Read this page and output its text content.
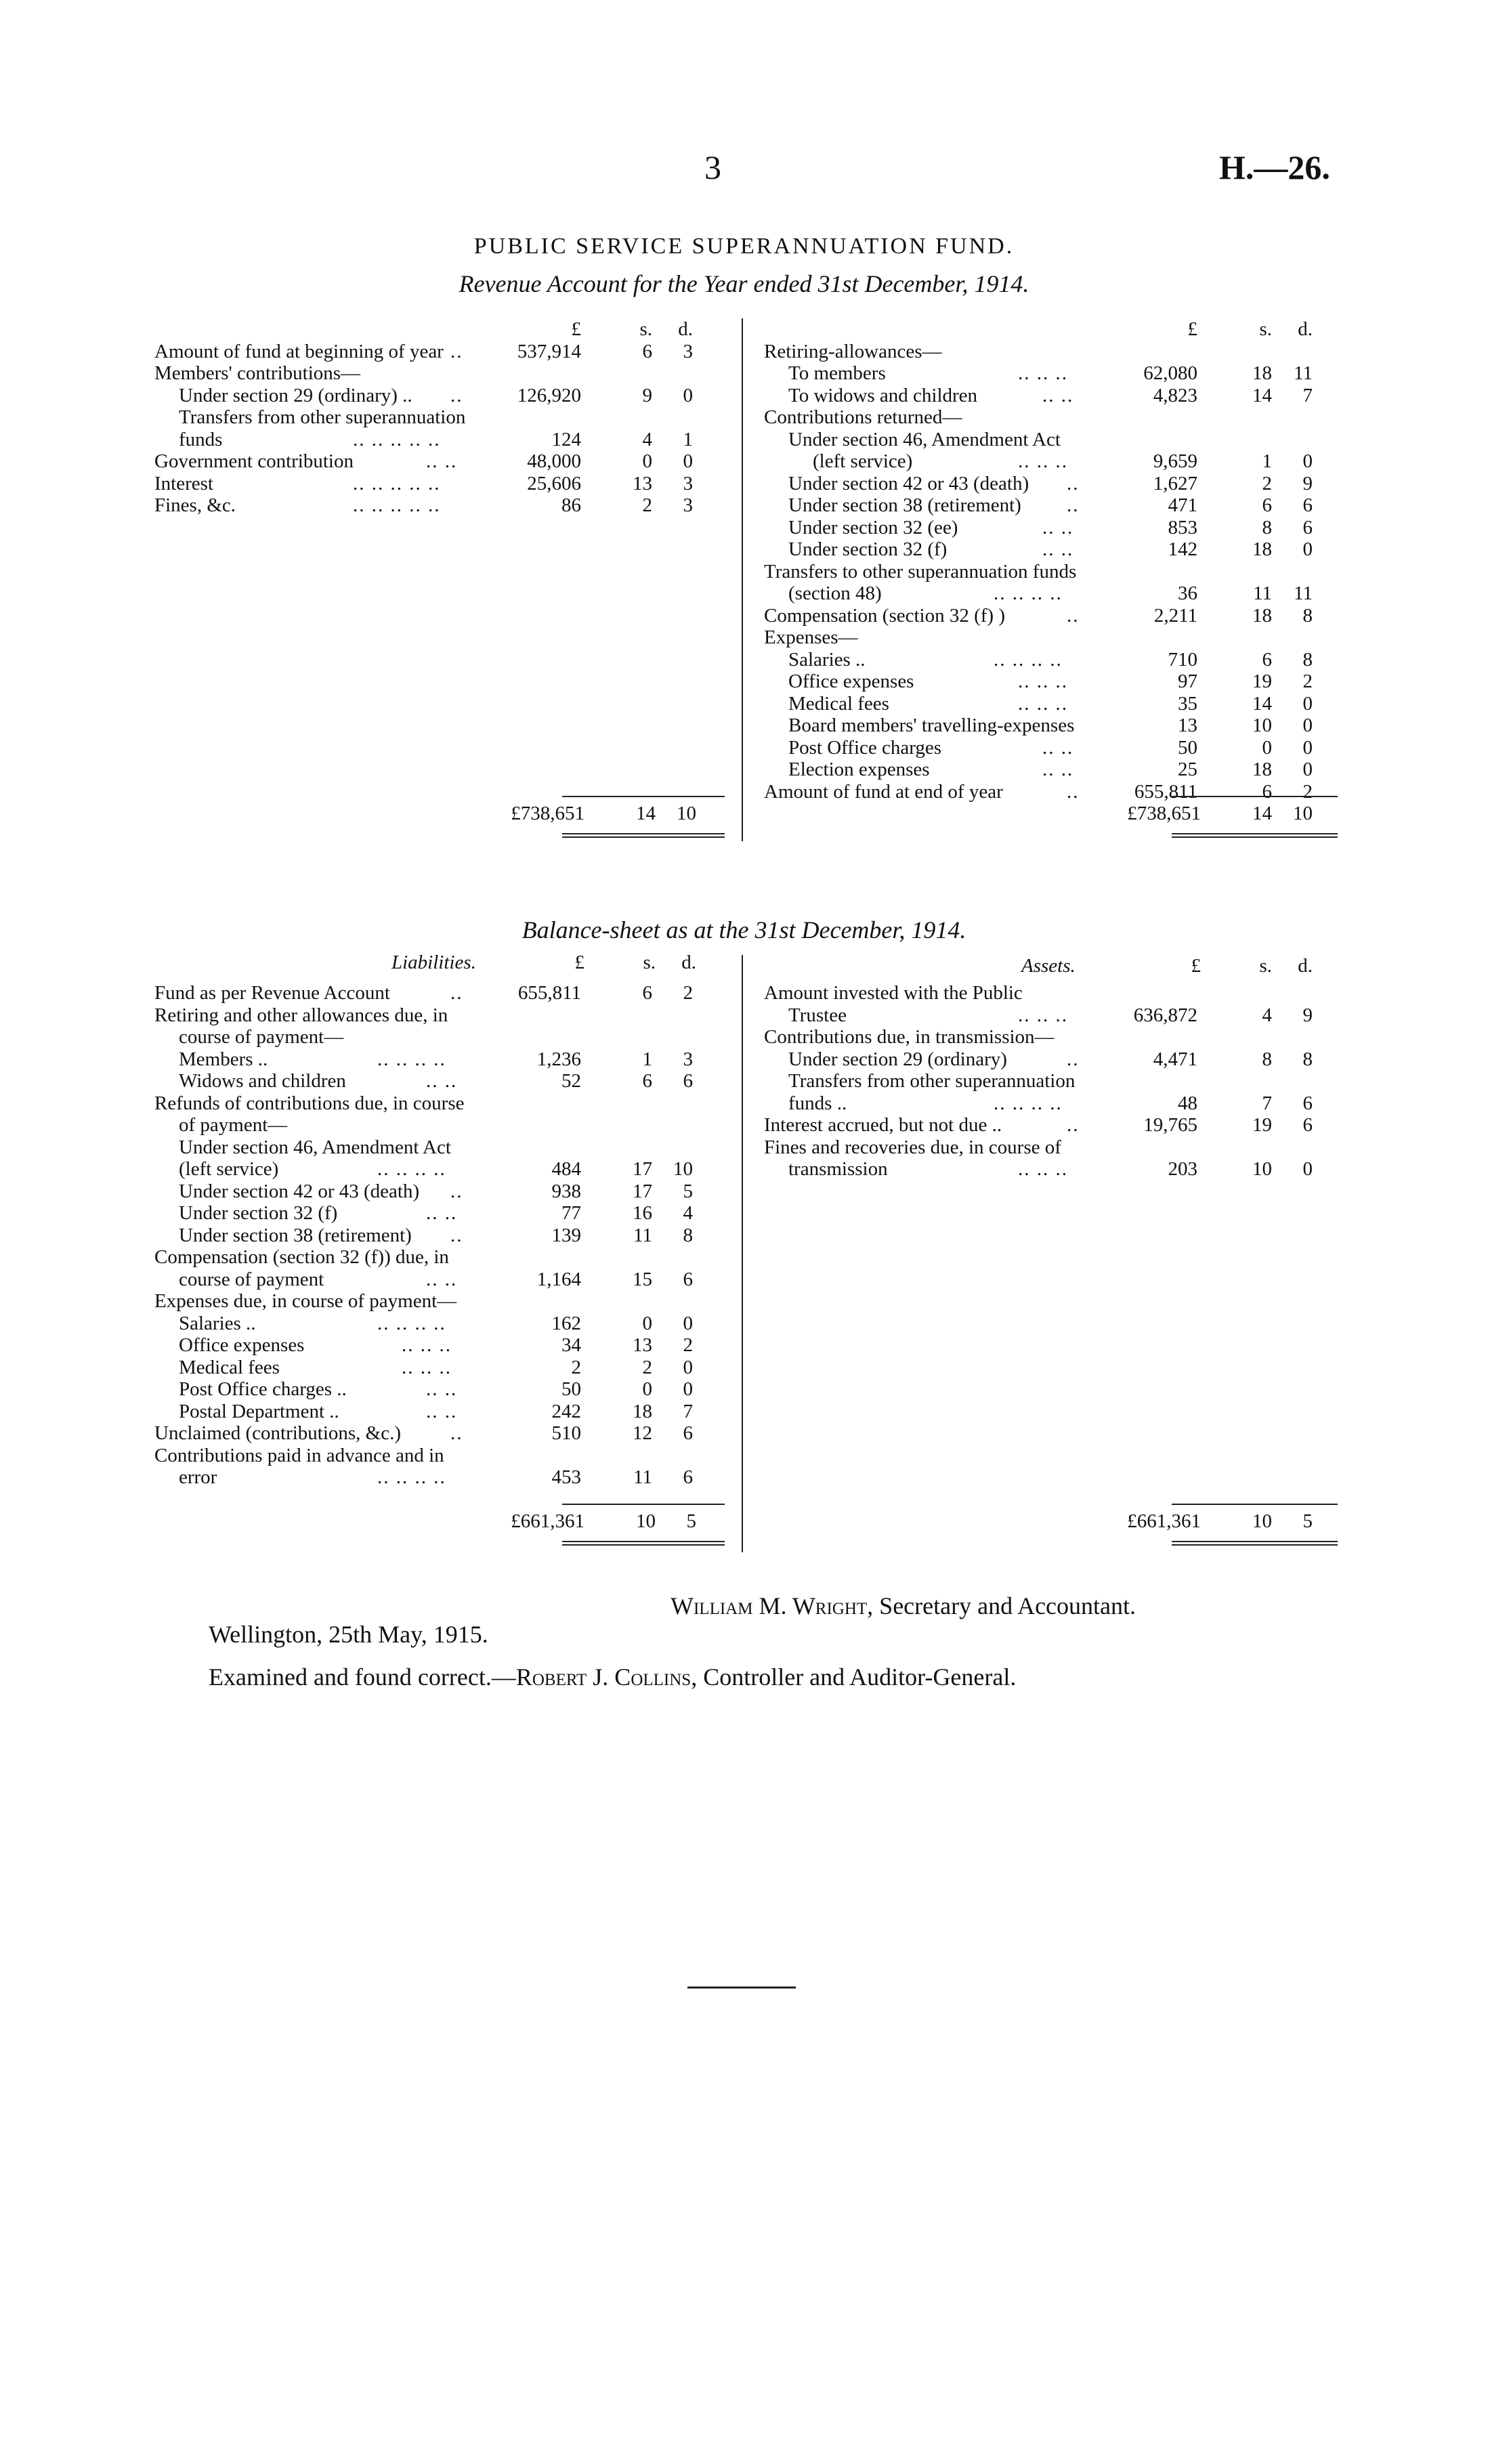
3	H.—26.
PUBLIC SERVICE SUPERANNUATION FUND.
Revenue Account for the Year ended 31st December, 1914.
£	s. d.
Amount of fund at beginning of year ..	537,914	6 3
Members' contributions—
Under section 29 (ordinary) .. ..	126,920	9 0
Transfers from other superannuation
funds	.. .. .. .. ..	124	4 1
Government contribution	.. ..	48,000	0 0
Interest	.. .. .. .. ..	25,606	13 3
Fines, &c.	.. .. .. .. ..	86	2 3
£	s. d.
Retiring-allowances—
To members	.. .. ..	62,080	18 11
To widows and children	.. ..	4,823	14 7
Contributions returned—
Under section 46, Amendment Act
(left service)	.. .. ..	9,659	1 0
Under section 42 or 43 (death) ..	1,627	2 9
Under section 38 (retirement) ..	471	6 6
Under section 32 (ee)	.. ..	853	8 6
Under section 32 (f)	.. ..	142	18 0
Transfers to other superannuation funds
(section 48)	.. .. .. ..	36	11 11
Compensation (section 32 (f) )	..	2,211	18 8
Expenses—
Salaries ..	.. .. .. ..	710	6 8
Office expenses	.. .. ..	97	19 2
Medical fees	.. .. ..	35	14 0
Board members' travelling-expenses	13	10 0
Post Office charges	.. ..	50	0 0
Election expenses	.. ..	25	18 0
Amount of fund at end of year	..	655,811	6 2
£738,651	14 10	£738,651	14 10
Balance-sheet as at the 31st December, 1914.
Liabilities.	£	s. d.	Assets.	£	s. d.
Fund as per Revenue Account	..	655,811	6 2
Retiring and other allowances due, in
course of payment—
Members ..	.. .. .. ..	1,236	1 3
Widows and children	.. ..	52	6 6
Refunds of contributions due, in course
of payment—
Under section 46, Amendment Act
(left service)	.. .. .. ..	484	17 10
Under section 42 or 43 (death) ..	938	17 5
Under section 32 (f)	.. ..	77	16 4
Under section 38 (retirement) ..	139	11 8
Compensation (section 32 (f)) due, in
course of payment	.. ..	1,164	15 6
Expenses due, in course of payment—
Salaries ..	.. .. .. ..	162	0 0
Office expenses	.. .. ..	34	13 2
Medical fees	.. .. ..	2	2 0
Post Office charges ..	.. ..	50	0 0
Postal Department ..	.. ..	242	18 7
Unclaimed (contributions, &c.)	..	510	12 6
Contributions paid in advance and in
error	.. .. .. ..	453	11 6
Amount invested with the Public
Trustee	.. .. ..	636,872	4 9
Contributions due, in transmission—
Under section 29 (ordinary)	..	4,471	8 8
Transfers from other superannuation
funds ..	.. .. .. ..	48	7 6
Interest accrued, but not due ..	..	19,765	19 6
Fines and recoveries due, in course of
transmission	.. .. ..	203	10 0
£661,361	10 5	£661,361	10 5
William M. Wright, Secretary and Accountant.
Wellington, 25th May, 1915.
Examined and found correct.—Robert J. Collins, Controller and Auditor-General.
